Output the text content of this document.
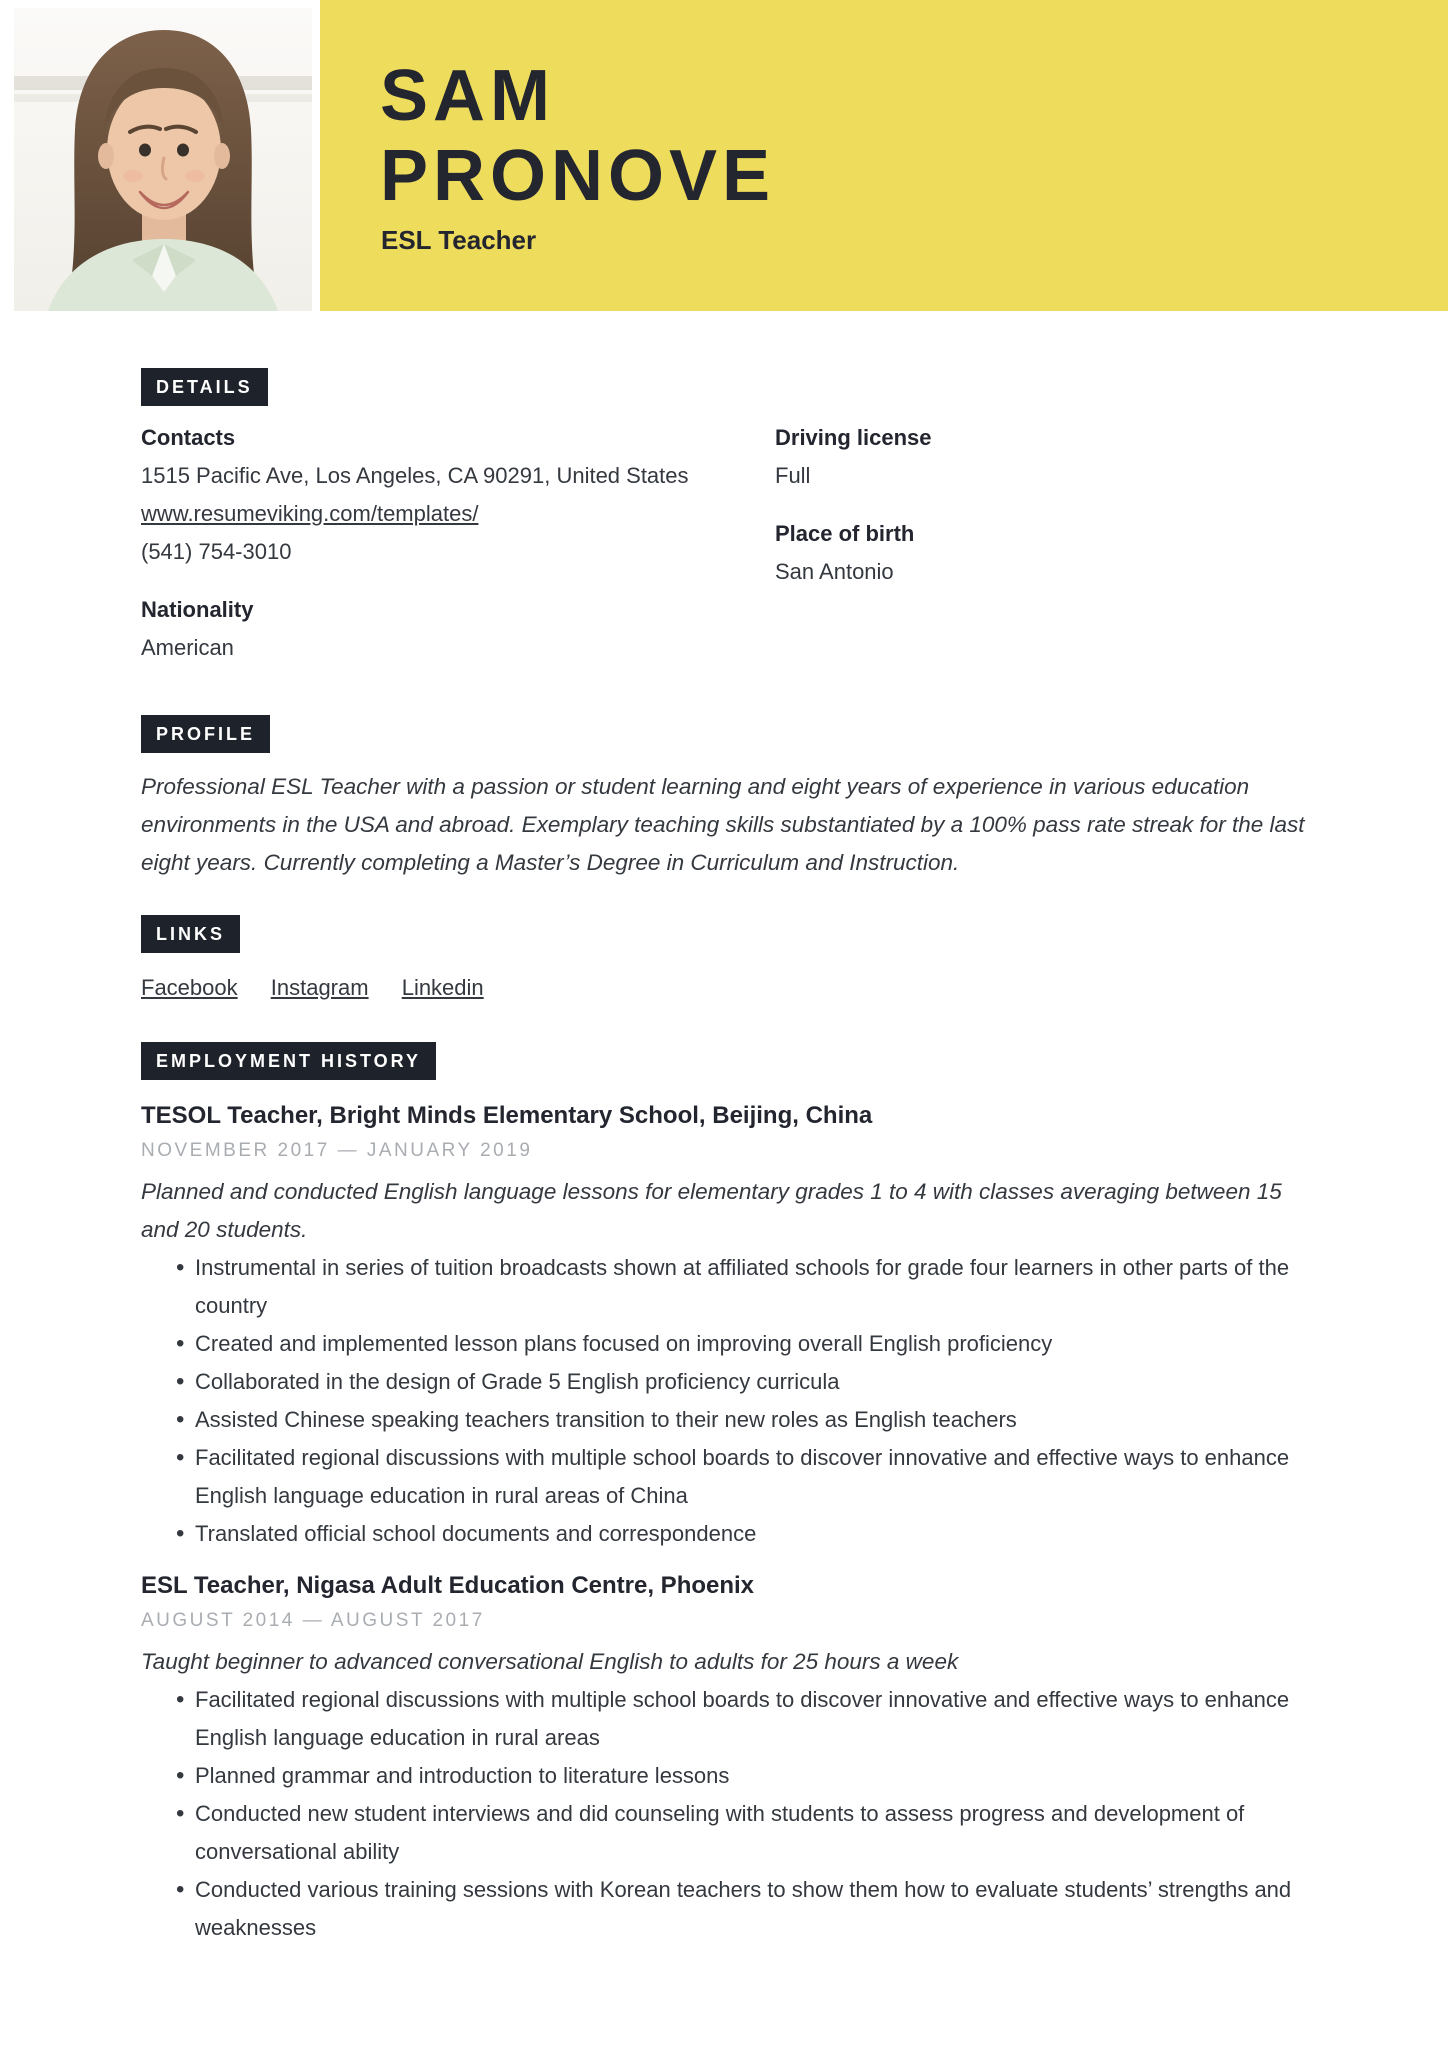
SAM
PRONOVE
ESL Teacher
DETAILS
Contacts
1515 Pacific Ave, Los Angeles, CA 90291, United States
www.resumeviking.com/templates/
(541) 754-3010
Nationality
American
Driving license
Full
Place of birth
San Antonio
PROFILE
Professional ESL Teacher with a passion or student learning and eight years of experience in various education environments in the USA and abroad. Exemplary teaching skills substantiated by a 100% pass rate streak for the last eight years. Currently completing a Master’s Degree in Curriculum and Instruction.
LINKS
Facebook Instagram Linkedin
EMPLOYMENT HISTORY
TESOL Teacher, Bright Minds Elementary School, Beijing, China
NOVEMBER 2017 — JANUARY 2019
Planned and conducted English language lessons for elementary grades 1 to 4 with classes averaging between 15 and 20 students.
• Instrumental in series of tuition broadcasts shown at affiliated schools for grade four learners in other parts of the country
• Created and implemented lesson plans focused on improving overall English proficiency
• Collaborated in the design of Grade 5 English proficiency curricula
• Assisted Chinese speaking teachers transition to their new roles as English teachers
• Facilitated regional discussions with multiple school boards to discover innovative and effective ways to enhance English language education in rural areas of China
• Translated official school documents and correspondence
ESL Teacher, Nigasa Adult Education Centre, Phoenix
AUGUST 2014 — AUGUST 2017
Taught beginner to advanced conversational English to adults for 25 hours a week
• Facilitated regional discussions with multiple school boards to discover innovative and effective ways to enhance English language education in rural areas
• Planned grammar and introduction to literature lessons
• Conducted new student interviews and did counseling with students to assess progress and development of conversational ability
• Conducted various training sessions with Korean teachers to show them how to evaluate students’ strengths and weaknesses
